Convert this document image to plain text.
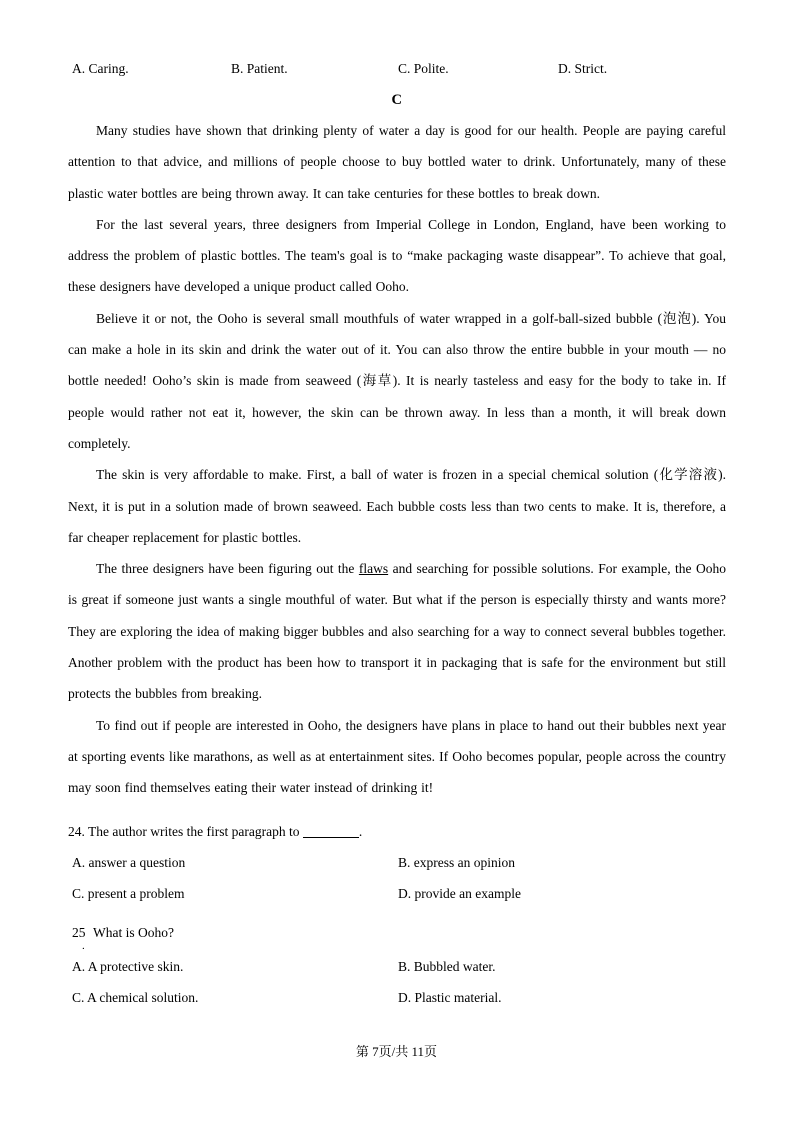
A. Caring.	B. Patient.	C. Polite.	D. Strict.
C

Many studies have shown that drinking plenty of water a day is good for our health. People are paying careful attention to that advice, and millions of people choose to buy bottled water to drink. Unfortunately, many of these plastic water bottles are being thrown away. It can take centuries for these bottles to break down.

For the last several years, three designers from Imperial College in London, England, have been working to address the problem of plastic bottles. The team's goal is to “make packaging waste disappear”. To achieve that goal, these designers have developed a unique product called Ooho.

Believe it or not, the Ooho is several small mouthfuls of water wrapped in a golf-ball-sized bubble (泡泡). You can make a hole in its skin and drink the water out of it. You can also throw the entire bubble in your mouth — no bottle needed! Ooho’s skin is made from seaweed (海草). It is nearly tasteless and easy for the body to take in. If people would rather not eat it, however, the skin can be thrown away. In less than a month, it will break down completely.

The skin is very affordable to make. First, a ball of water is frozen in a special chemical solution (化学溶液). Next, it is put in a solution made of brown seaweed. Each bubble costs less than two cents to make. It is, therefore, a far cheaper replacement for plastic bottles.

The three designers have been figuring out the flaws and searching for possible solutions. For example, the Ooho is great if someone just wants a single mouthful of water. But what if the person is especially thirsty and wants more? They are exploring the idea of making bigger bubbles and also searching for a way to connect several bubbles together. Another problem with the product has been how to transport it in packaging that is safe for the environment but still protects the bubbles from breaking.

To find out if people are interested in Ooho, the designers have plans in place to hand out their bubbles next year at sporting events like marathons, as well as at entertainment sites. If Ooho becomes popular, people across the country may soon find themselves eating their water instead of drinking it!

24. The author writes the first paragraph to	.
A. answer a question	B. express an opinion
C. present a problem	D. provide an example
25
.
What is Ooho?
A. A protective skin.	B. Bubbled water.
C. A chemical solution.	D. Plastic material.
第 7页/共 11页
